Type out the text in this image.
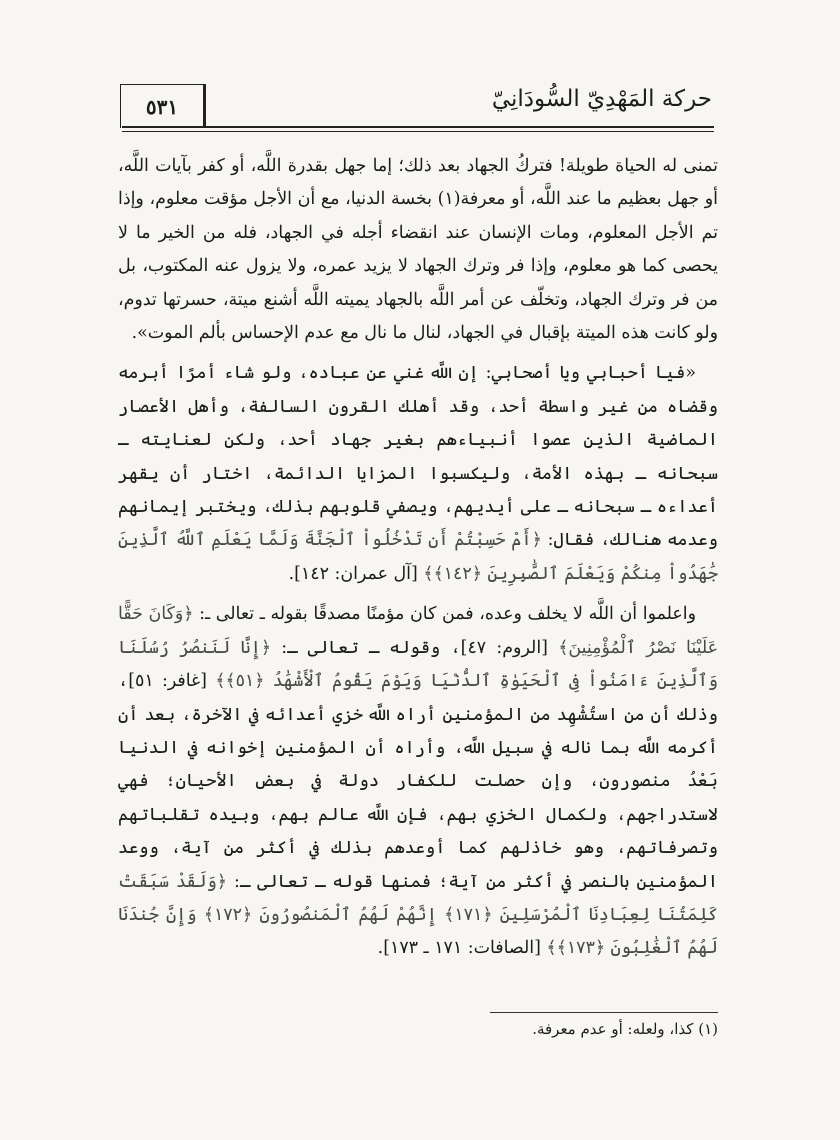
٥٣١	حركة المَهْدِيّ السُّودَانِيّ

تمنى له الحياة طويلة! فتركُ الجهاد بعد ذلك؛ إما جهل بقدرة اللَّه، أو كفر بآيات اللَّه، أو جهل بعظيم ما عند اللَّه، أو معرفة(١) بخسة الدنيا، مع أن الأجل مؤقت معلوم، وإذا تم الأجل المعلوم، ومات الإنسان عند انقضاء أجله في الجهاد، فله من الخير ما لا يحصى كما هو معلوم، وإذا فر وترك الجهاد لا يزيد عمره، ولا يزول عنه المكتوب، بل من فر وترك الجهاد، وتخلّف عن أمر اللَّه بالجهاد يميته اللَّه أشنع ميتة، حسرتها تدوم، ولو كانت هذه الميتة بإقبال في الجهاد، لنال ما نال مع عدم الإحساس بألم الموت».

«فيا أحبابي ويا أصحابي: إن اللَّه غني عن عباده، ولو شاء أمرًا أبرمه وقضاه من غير واسطة أحد، وقد أهلك القرون السالفة، وأهل الأعصار الماضية الذين عصوا أنبياءهم بغير جهاد أحد، ولكن لعنايته ـ سبحانه ـ بهذه الأمة، وليكسبوا المزايا الدائمة، اختار أن يقهر أعداءه ـ سبحانه ـ على أيديهم، ويصفي قلوبهم بذلك، ويختبر إيمانهم وعدمه هنالك، فقال: ﴿أَمْ حَسِبْتُمْ أَن تَدْخُلُواْ ٱلْجَنَّةَ وَلَمَّا يَعْلَمِ ٱللَّهُ ٱلَّذِينَ جَٰهَدُواْ مِنكُمْ وَيَعْلَمَ ٱلصَّٰبِرِينَ ﴿١٤٢﴾﴾ [آل عمران: ١٤٢].

واعلموا أن اللَّه لا يخلف وعده، فمن كان مؤمنًا مصدقًا بقوله ـ تعالى ـ: ﴿وَكَانَ حَقًّا عَلَيْنَا نَصْرُ ٱلْمُؤْمِنِينَ﴾ [الروم: ٤٧]، وقوله ـ تعالى ـ: ﴿إِنَّا لَنَنصُرُ رُسُلَنَا وَٱلَّذِينَ ءَامَنُواْ فِى ٱلْحَيَوٰةِ ٱلدُّنْيَا وَيَوْمَ يَقُومُ ٱلْأَشْهَٰدُ ﴿٥١﴾﴾ [غافر: ٥١]، وذلك أن من استُشْهِد من المؤمنين أراه اللَّه خزي أعدائه في الآخرة، بعد أن أكرمه اللَّه بما ناله في سبيل اللَّه، وأراه أن المؤمنين إخوانه في الدنيا بَعْدُ منصورون، وإن حصلت للكفار دولة في بعض الأحيان؛ فهي لاستدراجهم، ولكمال الخزي بهم، فإن اللَّه عالم بهم، وبيده تقلباتهم وتصرفاتهم، وهو خاذلهم كما أوعدهم بذلك في أكثر من آية، ووعد المؤمنين بالنصر في أكثر من آية؛ فمنها قوله ـ تعالى ـ: ﴿وَلَقَدْ سَبَقَتْ كَلِمَتُنَا لِعِبَادِنَا ٱلْمُرْسَلِينَ ﴿١٧١﴾ إِنَّهُمْ لَهُمُ ٱلْمَنصُورُونَ ﴿١٧٢﴾ وَإِنَّ جُندَنَا لَهُمُ ٱلْغَٰلِبُونَ ﴿١٧٣﴾﴾ [الصافات: ١٧١ ـ ١٧٣].

(١) كذا، ولعله: أو عدم معرفة.
